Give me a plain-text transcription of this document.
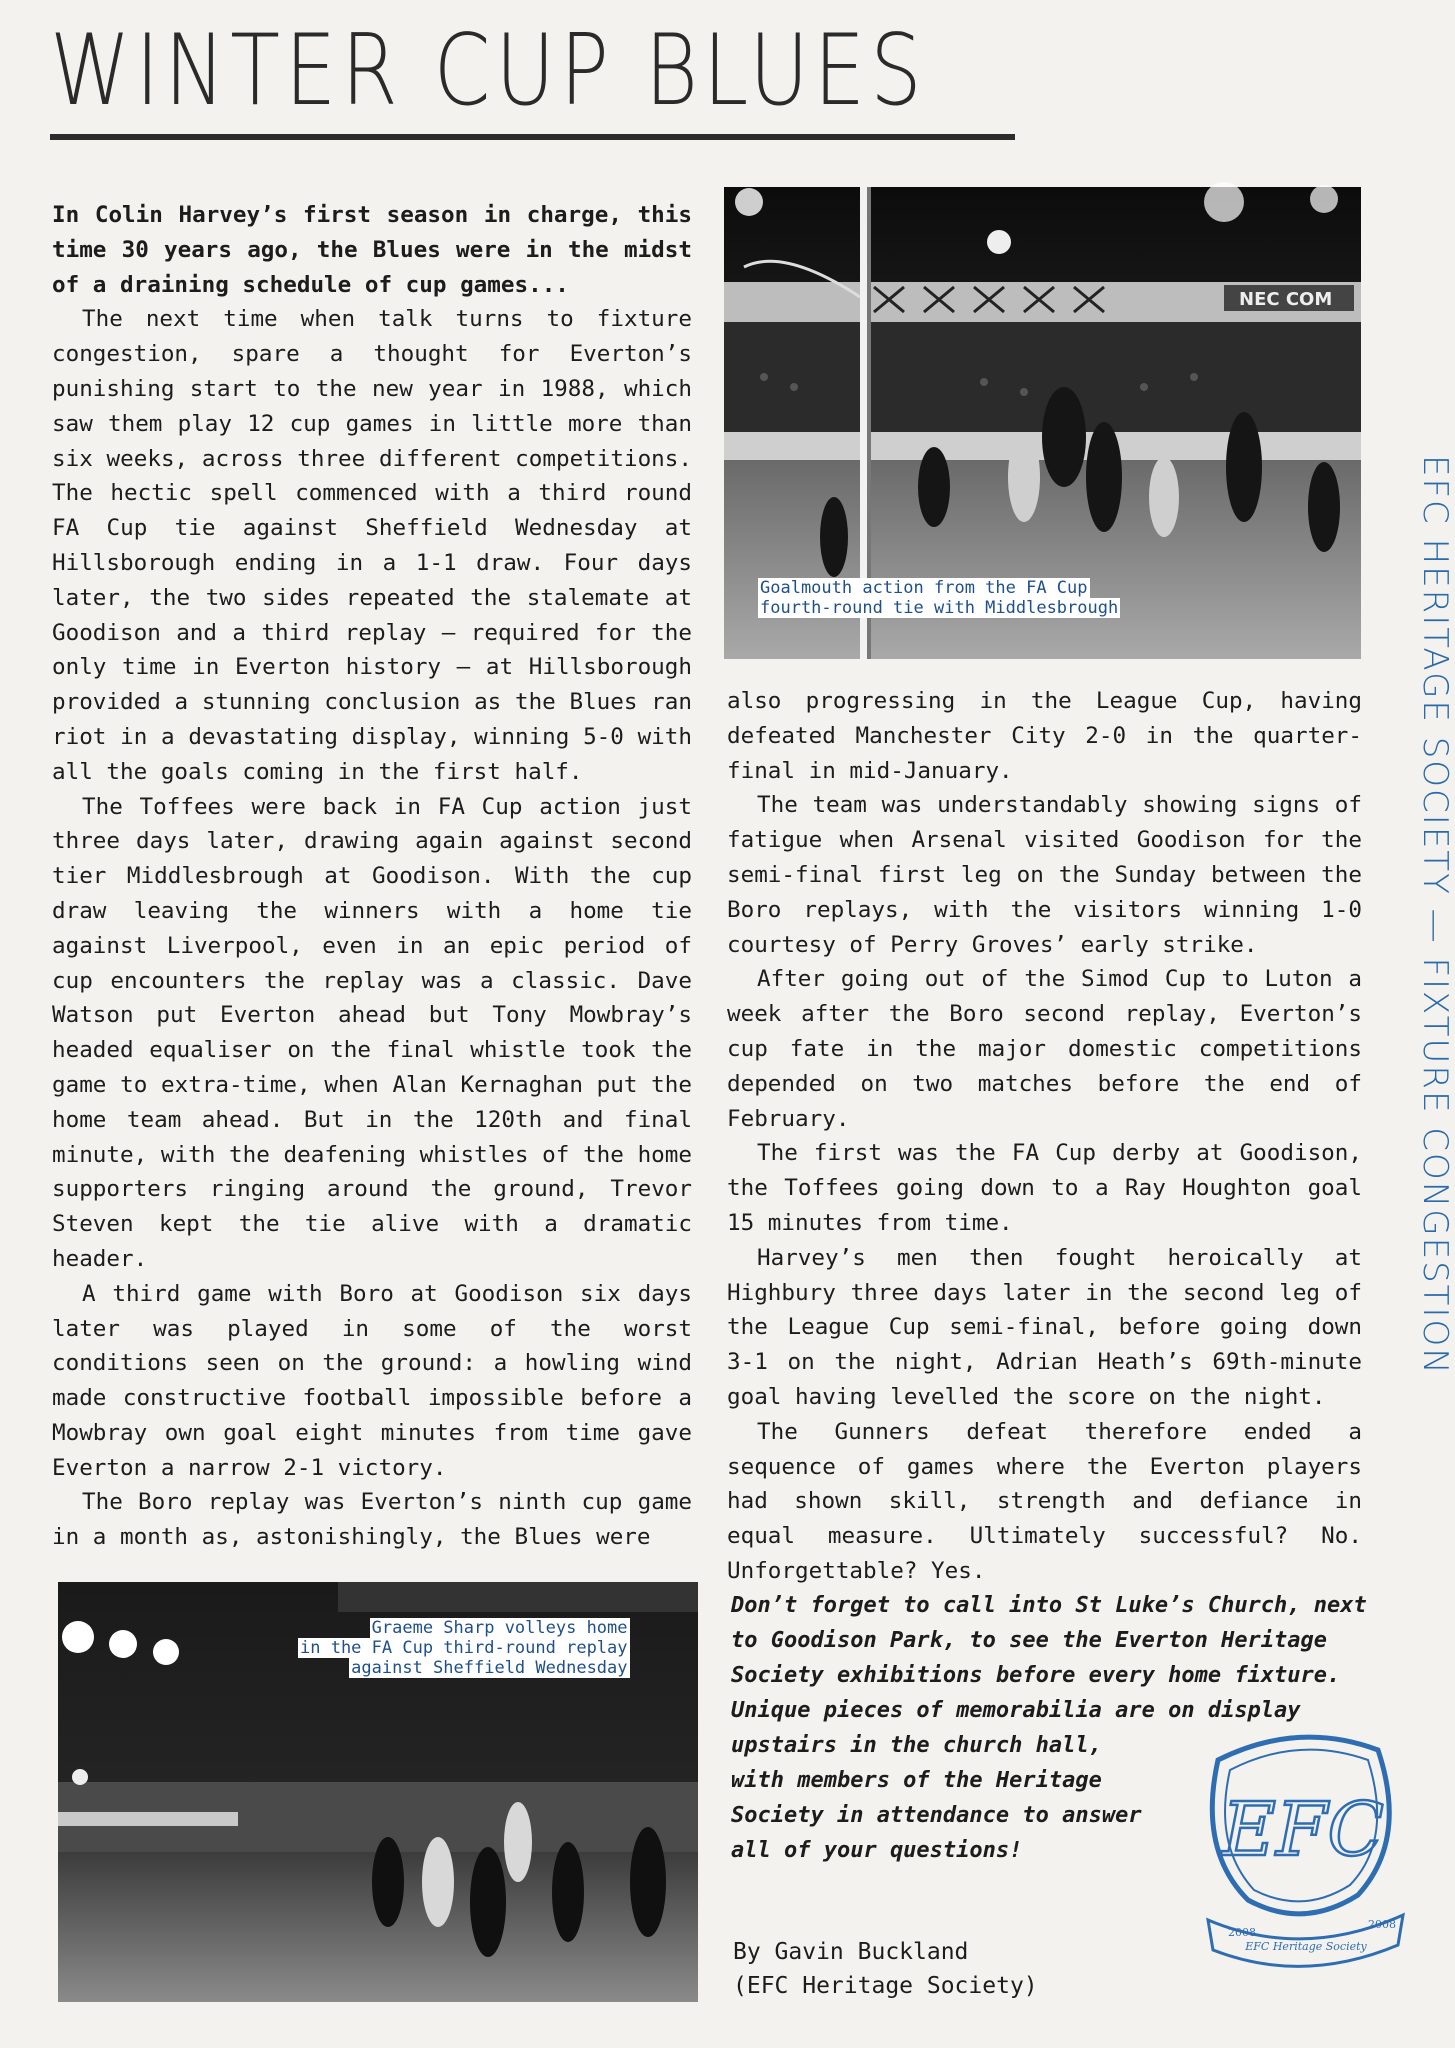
WINTER CUP BLUES

In Colin Harvey’s first season in charge, this time 30 years ago, the Blues were in the midst of a draining schedule of cup games...

The next time when talk turns to fixture congestion, spare a thought for Everton’s punishing start to the new year in 1988, which saw them play 12 cup games in little more than six weeks, across three different competitions. The hectic spell commenced with a third round FA Cup tie against Sheffield Wednesday at Hillsborough ending in a 1-1 draw. Four days later, the two sides repeated the stalemate at Goodison and a third replay – required for the only time in Everton history – at Hillsborough provided a stunning conclusion as the Blues ran riot in a devastating display, winning 5-0 with all the goals coming in the first half.

The Toffees were back in FA Cup action just three days later, drawing again against second tier Middlesbrough at Goodison. With the cup draw leaving the winners with a home tie against Liverpool, even in an epic period of cup encounters the replay was a classic. Dave Watson put Everton ahead but Tony Mowbray’s headed equaliser on the final whistle took the game to extra-time, when Alan Kernaghan put the home team ahead. But in the 120th and final minute, with the deafening whistles of the home supporters ringing around the ground, Trevor Steven kept the tie alive with a dramatic header.

A third game with Boro at Goodison six days later was played in some of the worst conditions seen on the ground: a howling wind made constructive football impossible before a Mowbray own goal eight minutes from time gave Everton a narrow 2-1 victory.

The Boro replay was Everton’s ninth cup game in a month as, astonishingly, the Blues were

NEC COM
Goalmouth action from the FA Cup
fourth-round tie with Middlesbrough

also progressing in the League Cup, having defeated Manchester City 2-0 in the quarter-final in mid-January.

The team was understandably showing signs of fatigue when Arsenal visited Goodison for the semi-final first leg on the Sunday between the Boro replays, with the visitors winning 1-0 courtesy of Perry Groves’ early strike.

After going out of the Simod Cup to Luton a week after the Boro second replay, Everton’s cup fate in the major domestic competitions depended on two matches before the end of February.

The first was the FA Cup derby at Goodison, the Toffees going down to a Ray Houghton goal 15 minutes from time.

Harvey’s men then fought heroically at Highbury three days later in the second leg of the League Cup semi-final, before going down 3-1 on the night, Adrian Heath’s 69th-minute goal having levelled the score on the night.

The Gunners defeat therefore ended a sequence of games where the Everton players had shown skill, strength and defiance in equal measure. Ultimately successful? No. Unforgettable? Yes.

Graeme Sharp volleys home
in the FA Cup third-round replay
against Sheffield Wednesday
Don’t forget to call into St Luke’s Church, next
to Goodison Park, to see the Everton Heritage
Society exhibitions before every home fixture.
Unique pieces of memorabilia are on display
upstairs in the church hall,
with members of the Heritage
Society in attendance to answer
all of your questions!
By Gavin Buckland
(EFC Heritage Society)
EFC
2008
2008
EFC Heritage Society
EFC HERITAGE SOCIETY — FIXTURE CONGESTION
